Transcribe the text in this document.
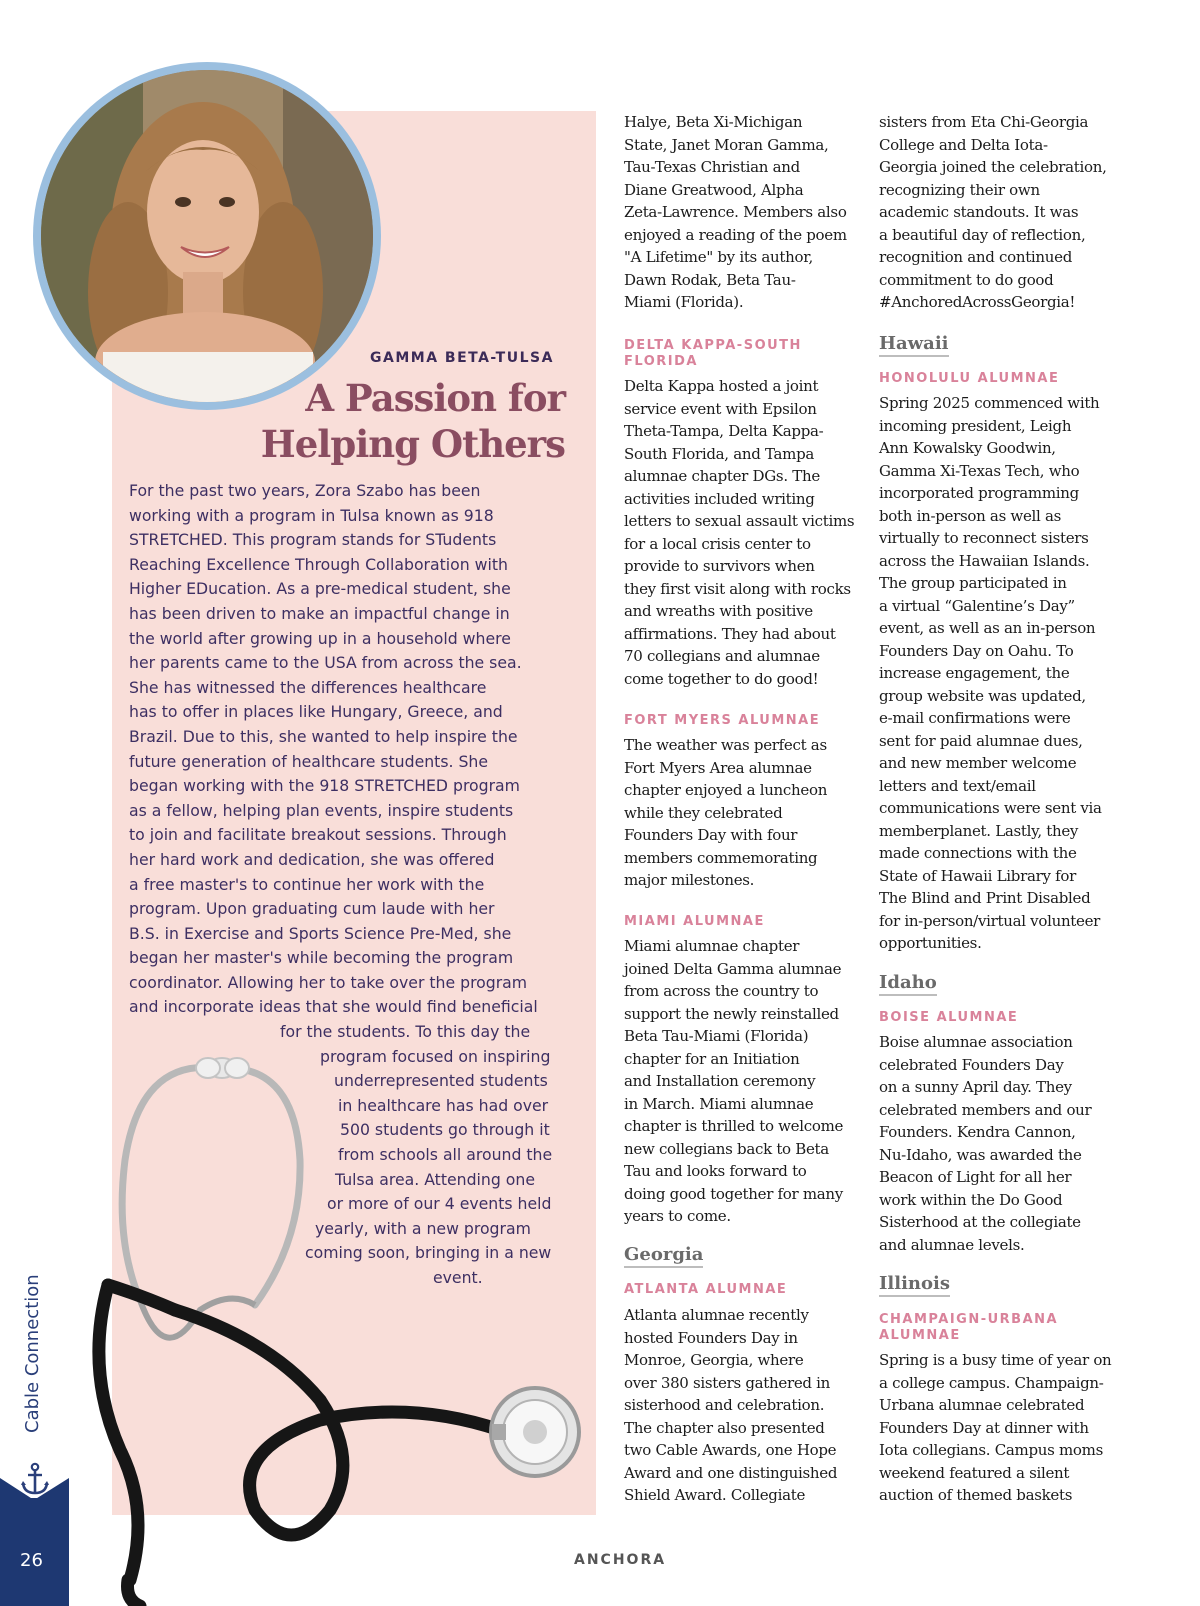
GAMMA BETA-TULSA
A Passion for
Helping Others
For the past two years, Zora Szabo has been
working with a program in Tulsa known as 918
STRETCHED. This program stands for STudents
Reaching Excellence Through Collaboration with
Higher EDucation. As a pre-medical student, she
has been driven to make an impactful change in
the world after growing up in a household where
her parents came to the USA from across the sea.
She has witnessed the differences healthcare
has to offer in places like Hungary, Greece, and
Brazil. Due to this, she wanted to help inspire the
future generation of healthcare students. She
began working with the 918 STRETCHED program
as a fellow, helping plan events, inspire students
to join and facilitate breakout sessions. Through
her hard work and dedication, she was offered
a free master's to continue her work with the
program. Upon graduating cum laude with her
B.S. in Exercise and Sports Science Pre-Med, she
began her master's while becoming the program
coordinator. Allowing her to take over the program
and incorporate ideas that she would find beneficial
for the students. To this day the
program focused on inspiring
underrepresented students
in healthcare has had over
500 students go through it
from schools all around the
Tulsa area. Attending one
or more of our 4 events held
yearly, with a new program
coming soon, bringing in a new
event.
Halye, Beta Xi-Michigan
State, Janet Moran Gamma,
Tau-Texas Christian and
Diane Greatwood, Alpha
Zeta-Lawrence. Members also
enjoyed a reading of the poem
"A Lifetime" by its author,
Dawn Rodak, Beta Tau-
Miami (Florida).
DELTA KAPPA-SOUTH
FLORIDA
Delta Kappa hosted a joint
service event with Epsilon
Theta-Tampa, Delta Kappa-
South Florida, and Tampa
alumnae chapter DGs. The
activities included writing
letters to sexual assault victims
for a local crisis center to
provide to survivors when
they first visit along with rocks
and wreaths with positive
affirmations. They had about
70 collegians and alumnae
come together to do good!
FORT MYERS ALUMNAE
The weather was perfect as
Fort Myers Area alumnae
chapter enjoyed a luncheon
while they celebrated
Founders Day with four
members commemorating
major milestones.
MIAMI ALUMNAE
Miami alumnae chapter
joined Delta Gamma alumnae
from across the country to
support the newly reinstalled
Beta Tau-Miami (Florida)
chapter for an Initiation
and Installation ceremony
in March. Miami alumnae
chapter is thrilled to welcome
new collegians back to Beta
Tau and looks forward to
doing good together for many
years to come.
Georgia
ATLANTA ALUMNAE
Atlanta alumnae recently
hosted Founders Day in
Monroe, Georgia, where
over 380 sisters gathered in
sisterhood and celebration.
The chapter also presented
two Cable Awards, one Hope
Award and one distinguished
Shield Award. Collegiate
sisters from Eta Chi-Georgia
College and Delta Iota-
Georgia joined the celebration,
recognizing their own
academic standouts. It was
a beautiful day of reflection,
recognition and continued
commitment to do good
#AnchoredAcrossGeorgia!
Hawaii
HONOLULU ALUMNAE
Spring 2025 commenced with
incoming president, Leigh
Ann Kowalsky Goodwin,
Gamma Xi-Texas Tech, who
incorporated programming
both in-person as well as
virtually to reconnect sisters
across the Hawaiian Islands.
The group participated in
a virtual “Galentine’s Day”
event, as well as an in-person
Founders Day on Oahu. To
increase engagement, the
group website was updated,
e-mail confirmations were
sent for paid alumnae dues,
and new member welcome
letters and text/email
communications were sent via
memberplanet. Lastly, they
made connections with the
State of Hawaii Library for
The Blind and Print Disabled
for in-person/virtual volunteer
opportunities.
Idaho
BOISE ALUMNAE
Boise alumnae association
celebrated Founders Day
on a sunny April day. They
celebrated members and our
Founders. Kendra Cannon,
Nu-Idaho, was awarded the
Beacon of Light for all her
work within the Do Good
Sisterhood at the collegiate
and alumnae levels.
Illinois
CHAMPAIGN-URBANA
ALUMNAE
Spring is a busy time of year on
a college campus. Champaign-
Urbana alumnae celebrated
Founders Day at dinner with
Iota collegians. Campus moms
weekend featured a silent
auction of themed baskets
Cable Connection
26	ANCHORA
